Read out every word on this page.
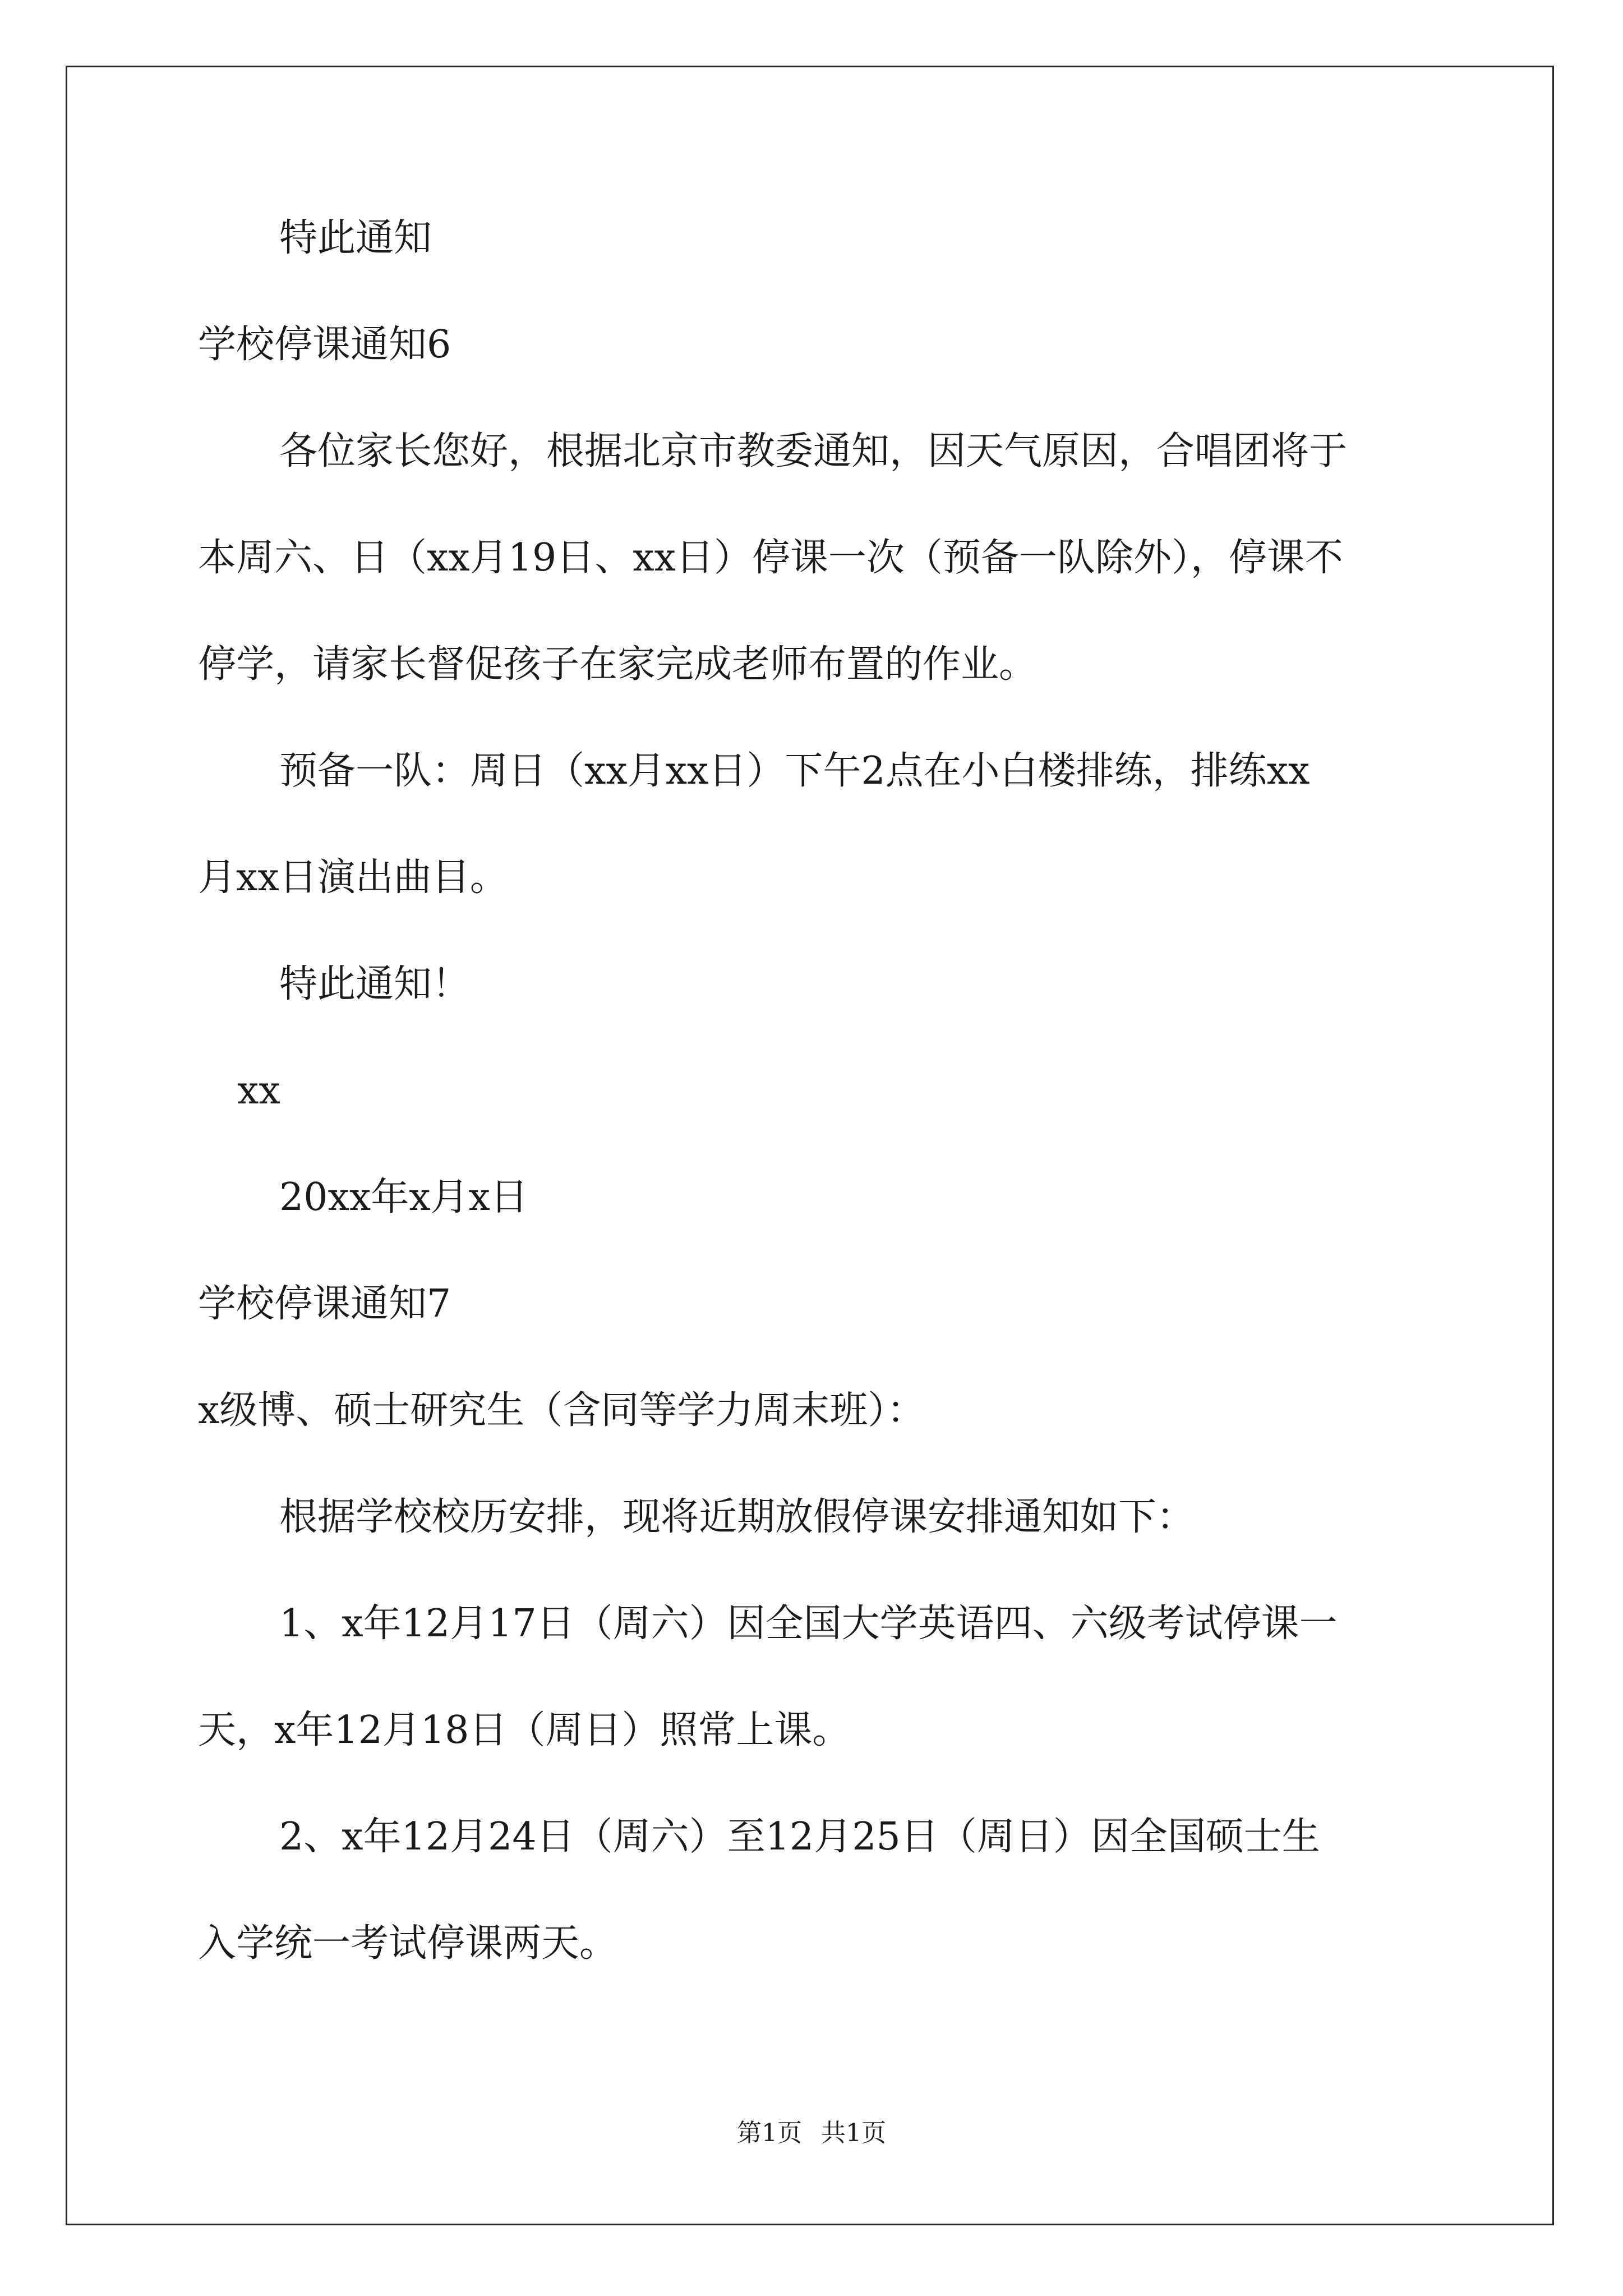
特此通知
学校停课通知6
各位家长您好，根据北京市教委通知，因天气原因，合唱团将于
本周六、日（xx月19日、xx日）停课一次（预备一队除外），停课不
停学，请家长督促孩子在家完成老师布置的作业。
预备一队：周日（xx月xx日）下午2点在小白楼排练，排练xx
月xx日演出曲目。
特此通知！
xx
20xx年x月x日
学校停课通知7
x级博、硕士研究生（含同等学力周末班）：
根据学校校历安排，现将近期放假停课安排通知如下：
1、x年12月17日（周六）因全国大学英语四、六级考试停课一
天，x年12月18日（周日）照常上课。
2、x年12月24日（周六）至12月25日（周日）因全国硕士生
入学统一考试停课两天。
第1页 共1页
